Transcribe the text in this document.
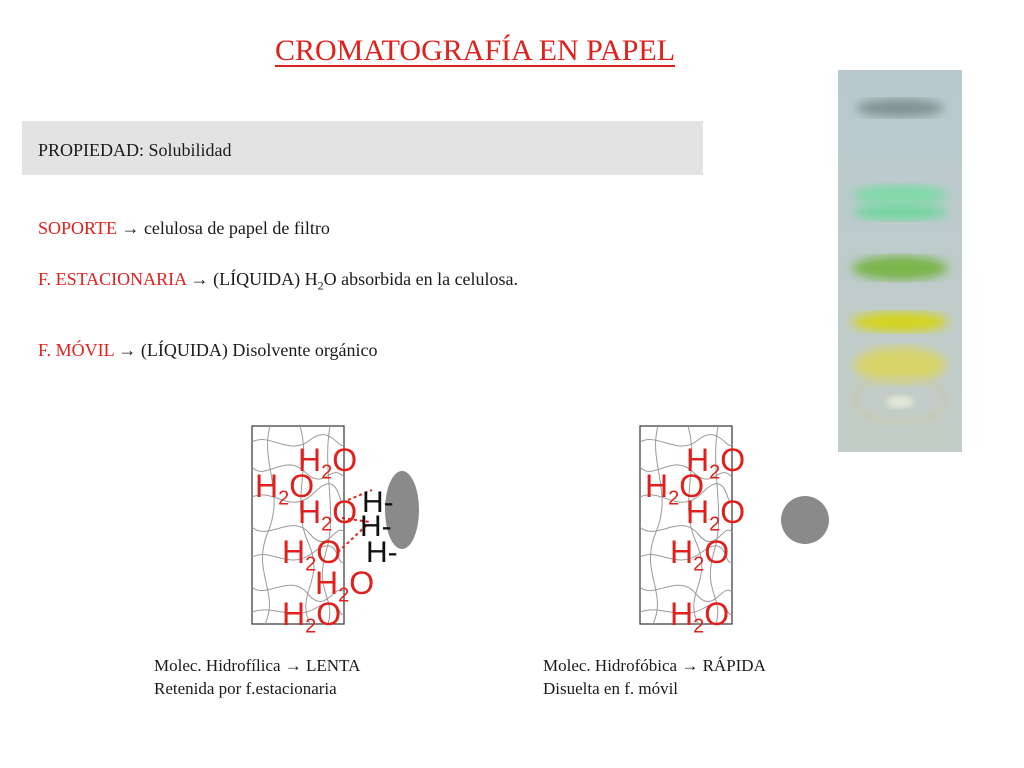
CROMATOGRAFÍA EN PAPEL
PROPIEDAD: Solubilidad
SOPORTE → celulosa de papel de filtro
F. ESTACIONARIA → (LÍQUIDA) $H_2O$ absorbida en la celulosa.
F. MÓVIL → (LÍQUIDA) Disolvente orgánico
$H_2O$
$H_2O$
$H_2O$
$H_2O$
$H_2O$
$H_2O$
H-
H-
H-
$H_2O$
$H_2O$
$H_2O$
$H_2O$
$H_2O$
Molec. Hidrofílica → LENTA
Retenida por f.estacionaria
Molec. Hidrofóbica → RÁPIDA
Disuelta en f. móvil
